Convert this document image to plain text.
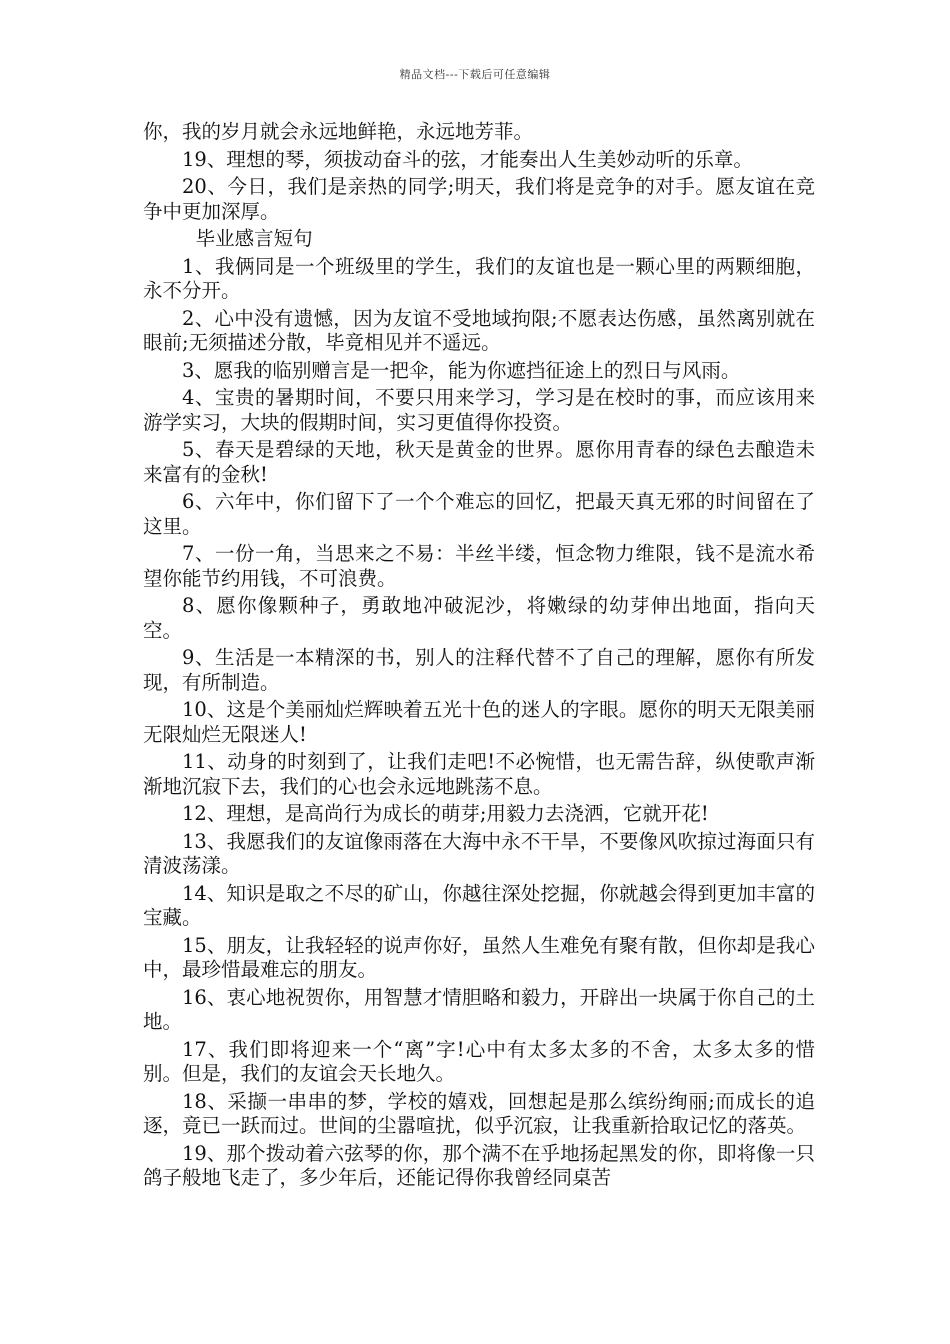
精品文档---下载后可任意编辑

你，我的岁月就会永远地鲜艳，永远地芳菲。

19、理想的琴，须拔动奋斗的弦，才能奏出人生美妙动听的乐章。

20、今日，我们是亲热的同学;明天，我们将是竞争的对手。愿友谊在竞争中更加深厚。

毕业感言短句

1、我俩同是一个班级里的学生，我们的友谊也是一颗心里的两颗细胞，永不分开。

2、心中没有遗憾，因为友谊不受地域拘限;不愿表达伤感，虽然离别就在眼前;无须描述分散，毕竟相见并不遥远。

3、愿我的临别赠言是一把伞，能为你遮挡征途上的烈日与风雨。

4、宝贵的暑期时间，不要只用来学习，学习是在校时的事，而应该用来游学实习，大块的假期时间，实习更值得你投资。

5、春天是碧绿的天地，秋天是黄金的世界。愿你用青春的绿色去酿造未来富有的金秋!

6、六年中，你们留下了一个个难忘的回忆，把最天真无邪的时间留在了这里。

7、一份一角，当思来之不易：半丝半缕，恒念物力维限，钱不是流水希望你能节约用钱，不可浪费。

8、愿你像颗种子，勇敢地冲破泥沙，将嫩绿的幼芽伸出地面，指向天空。

9、生活是一本精深的书，别人的注释代替不了自己的理解，愿你有所发现，有所制造。

10、这是个美丽灿烂辉映着五光十色的迷人的字眼。愿你的明天无限美丽无限灿烂无限迷人!

11、动身的时刻到了，让我们走吧!不必惋惜，也无需告辞，纵使歌声渐渐地沉寂下去，我们的心也会永远地跳荡不息。

12、理想，是高尚行为成长的萌芽;用毅力去浇洒，它就开花!

13、我愿我们的友谊像雨落在大海中永不干旱，不要像风吹掠过海面只有清波荡漾。

14、知识是取之不尽的矿山，你越往深处挖掘，你就越会得到更加丰富的宝藏。

15、朋友，让我轻轻的说声你好，虽然人生难免有聚有散，但你却是我心中，最珍惜最难忘的朋友。

16、衷心地祝贺你，用智慧才情胆略和毅力，开辟出一块属于你自己的土地。

17、我们即将迎来一个“离”字!心中有太多太多的不舍，太多太多的惜别。但是，我们的友谊会天长地久。

18、采撷一串串的梦，学校的嬉戏，回想起是那么缤纷绚丽;而成长的追逐，竟已一跃而过。世间的尘嚣喧扰，似乎沉寂，让我重新拾取记忆的落英。

19、那个拨动着六弦琴的你，那个满不在乎地扬起黑发的你，即将像一只鸽子般地飞走了，多少年后，还能记得你我曾经同桌苦
